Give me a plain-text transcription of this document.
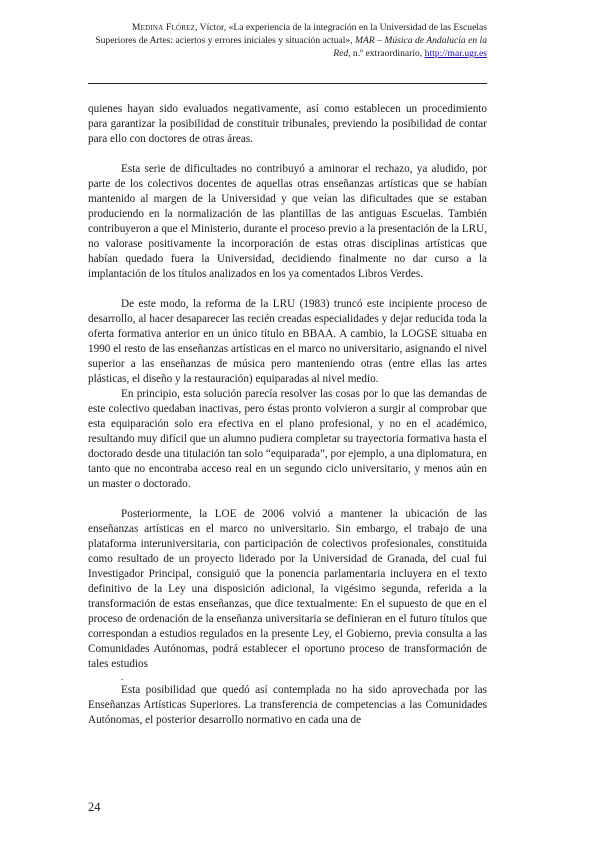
Medina Flórez, Víctor, «La experiencia de la integración en la Universidad de las Escuelas
Superiores de Artes: aciertos y errores iniciales y situación actual», MAR – Música de Andalucía en la
Red, n.º extraordinario, http://mar.ugr.es

quienes hayan sido evaluados negativamente, así como establecen un procedimiento para garantizar la posibilidad de constituir tribunales, previendo la posibilidad de contar para ello con doctores de otras áreas.

Esta serie de dificultades no contribuyó a aminorar el rechazo, ya aludido, por parte de los colectivos docentes de aquellas otras enseñanzas artísticas que se habían mantenido al margen de la Universidad y que veían las dificultades que se estaban produciendo en la normalización de las plantillas de las antiguas Escuelas. También contribuyeron a que el Ministerio, durante el proceso previo a la presentación de la LRU, no valorase positivamente la incorporación de estas otras disciplinas artísticas que habían quedado fuera la Universidad, decidiendo finalmente no dar curso a la implantación de los títulos analizados en los ya comentados Libros Verdes.

De este modo, la reforma de la LRU (1983) truncó este incipiente proceso de desarrollo, al hacer desaparecer las recién creadas especialidades y dejar reducida toda la oferta formativa anterior en un único título en BBAA. A cambio, la LOGSE situaba en 1990 el resto de las enseñanzas artísticas en el marco no universitario, asignando el nivel superior a las enseñanzas de música pero manteniendo otras (entre ellas las artes plásticas, el diseño y la restauración) equiparadas al nivel medio.

En principio, esta solución parecía resolver las cosas por lo que las demandas de este colectivo quedaban inactivas, pero éstas pronto volvieron a surgir al comprobar que esta equiparación solo era efectiva en el plano profesional, y no en el académico, resultando muy difícil que un alumno pudiera completar su trayectoria formativa hasta el doctorado desde una titulación tan solo “equiparada”, por ejemplo, a una diplomatura, en tanto que no encontraba acceso real en un segundo ciclo universitario, y menos aún en un master o doctorado.

Posteriormente, la LOE de 2006 volvió a mantener la ubicación de las enseñanzas artísticas en el marco no universitario. Sin embargo, el trabajo de una plataforma interuniversitaria, con participación de colectivos profesionales, constituida como resultado de un proyecto liderado por la Universidad de Granada, del cual fui Investigador Principal, consiguió que la ponencia parlamentaria incluyera en el texto definitivo de la Ley una disposición adicional, la vigésimo segunda, referida a la transformación de estas enseñanzas, que dice textualmente: En el supuesto de que en el proceso de ordenación de la enseñanza universitaria se definieran en el futuro títulos que correspondan a estudios regulados en la presente Ley, el Gobierno, previa consulta a las Comunidades Autónomas, podrá establecer el oportuno proceso de transformación de tales estudios

.

Esta posibilidad que quedó así contemplada no ha sido aprovechada por las Enseñanzas Artísticas Superiores. La transferencia de competencias a las Comunidades Autónomas, el posterior desarrollo normativo en cada una de

24
